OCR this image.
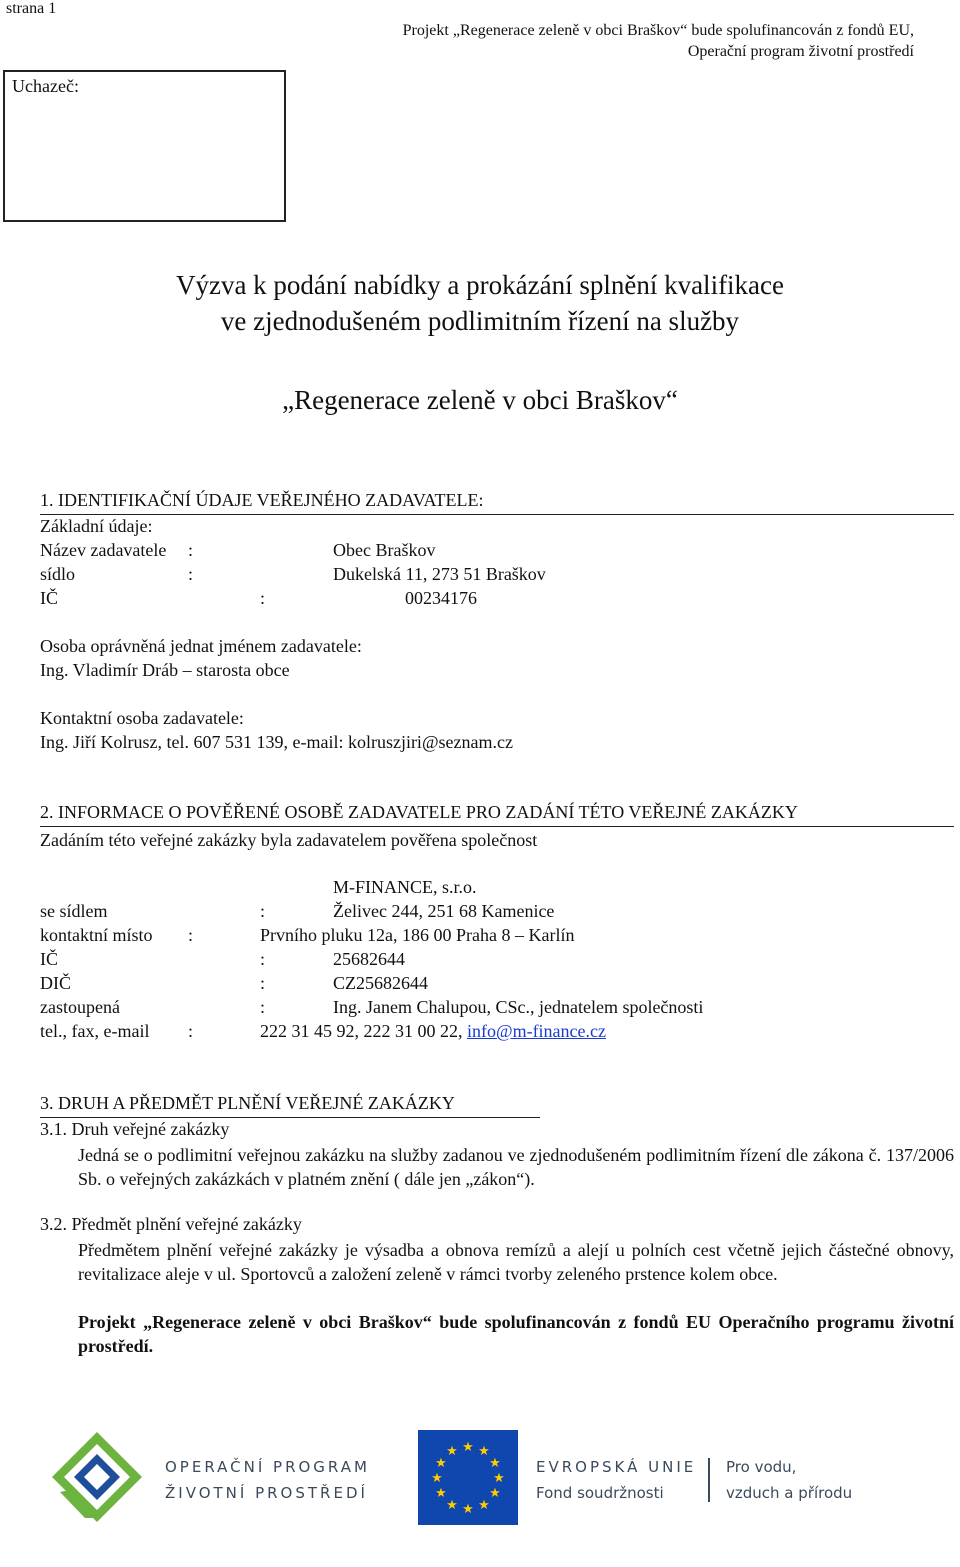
strana 1
Projekt „Regenerace zeleně v obci Braškov“ bude spolufinancován z fondů EU,
Operační program životní prostředí
Uchazeč:
Výzva k podání nabídky a prokázání splnění kvalifikace
ve zjednodušeném podlimitním řízení na služby
„Regenerace zeleně v obci Braškov“
1. IDENTIFIKAČNÍ ÚDAJE VEŘEJNÉHO ZADAVATELE:
Základní údaje:
Název zadavatele :	Obec Braškov
sídlo	:	Dukelská 11, 273 51 Braškov
IČ	:	00234176
Osoba oprávněná jednat jménem zadavatele:
Ing. Vladimír Dráb – starosta obce
Kontaktní osoba zadavatele:
Ing. Jiří Kolrusz, tel. 607 531 139, e-mail: kolruszjiri@seznam.cz
2. INFORMACE O POVĚŘENÉ OSOBĚ ZADAVATELE PRO ZADÁNÍ TÉTO VEŘEJNÉ ZAKÁZKY
Zadáním této veřejné zakázky byla zadavatelem pověřena společnost
M-FINANCE, s.r.o.
se sídlem	:	Želivec 244, 251 68 Kamenice
kontaktní místo :	Prvního pluku 12a, 186 00 Praha 8 – Karlín
IČ	:	25682644
DIČ	:	CZ25682644
zastoupená	:	Ing. Janem Chalupou, CSc., jednatelem společnosti
tel., fax, e-mail :	222 31 45 92, 222 31 00 22, info@m-finance.cz
3. DRUH A PŘEDMĚT PLNĚNÍ VEŘEJNÉ ZAKÁZKY
3.1. Druh veřejné zakázky
Jedná se o podlimitní veřejnou zakázku na služby zadanou ve zjednodušeném podlimitním řízení dle zákona č. 137/2006 Sb. o veřejných zakázkách v platném znění ( dále jen „zákon“).
3.2. Předmět plnění veřejné zakázky
Předmětem plnění veřejné zakázky je výsadba a obnova remízů a alejí u polních cest včetně jejich částečné obnovy, revitalizace aleje v ul. Sportovců a založení zeleně v rámci tvorby zeleného prstence kolem obce.
Projekt „Regenerace zeleně v obci Braškov“ bude spolufinancován z fondů EU Operačního programu životní prostředí.
OPERAČNÍ PROGRAM
ŽIVOTNÍ PROSTŘEDÍ
★ ★
★
★
★
★
★
★
★
★
★
★
EVROPSKÁ UNIE
Fond soudržnosti
Pro vodu,
vzduch a přírodu
